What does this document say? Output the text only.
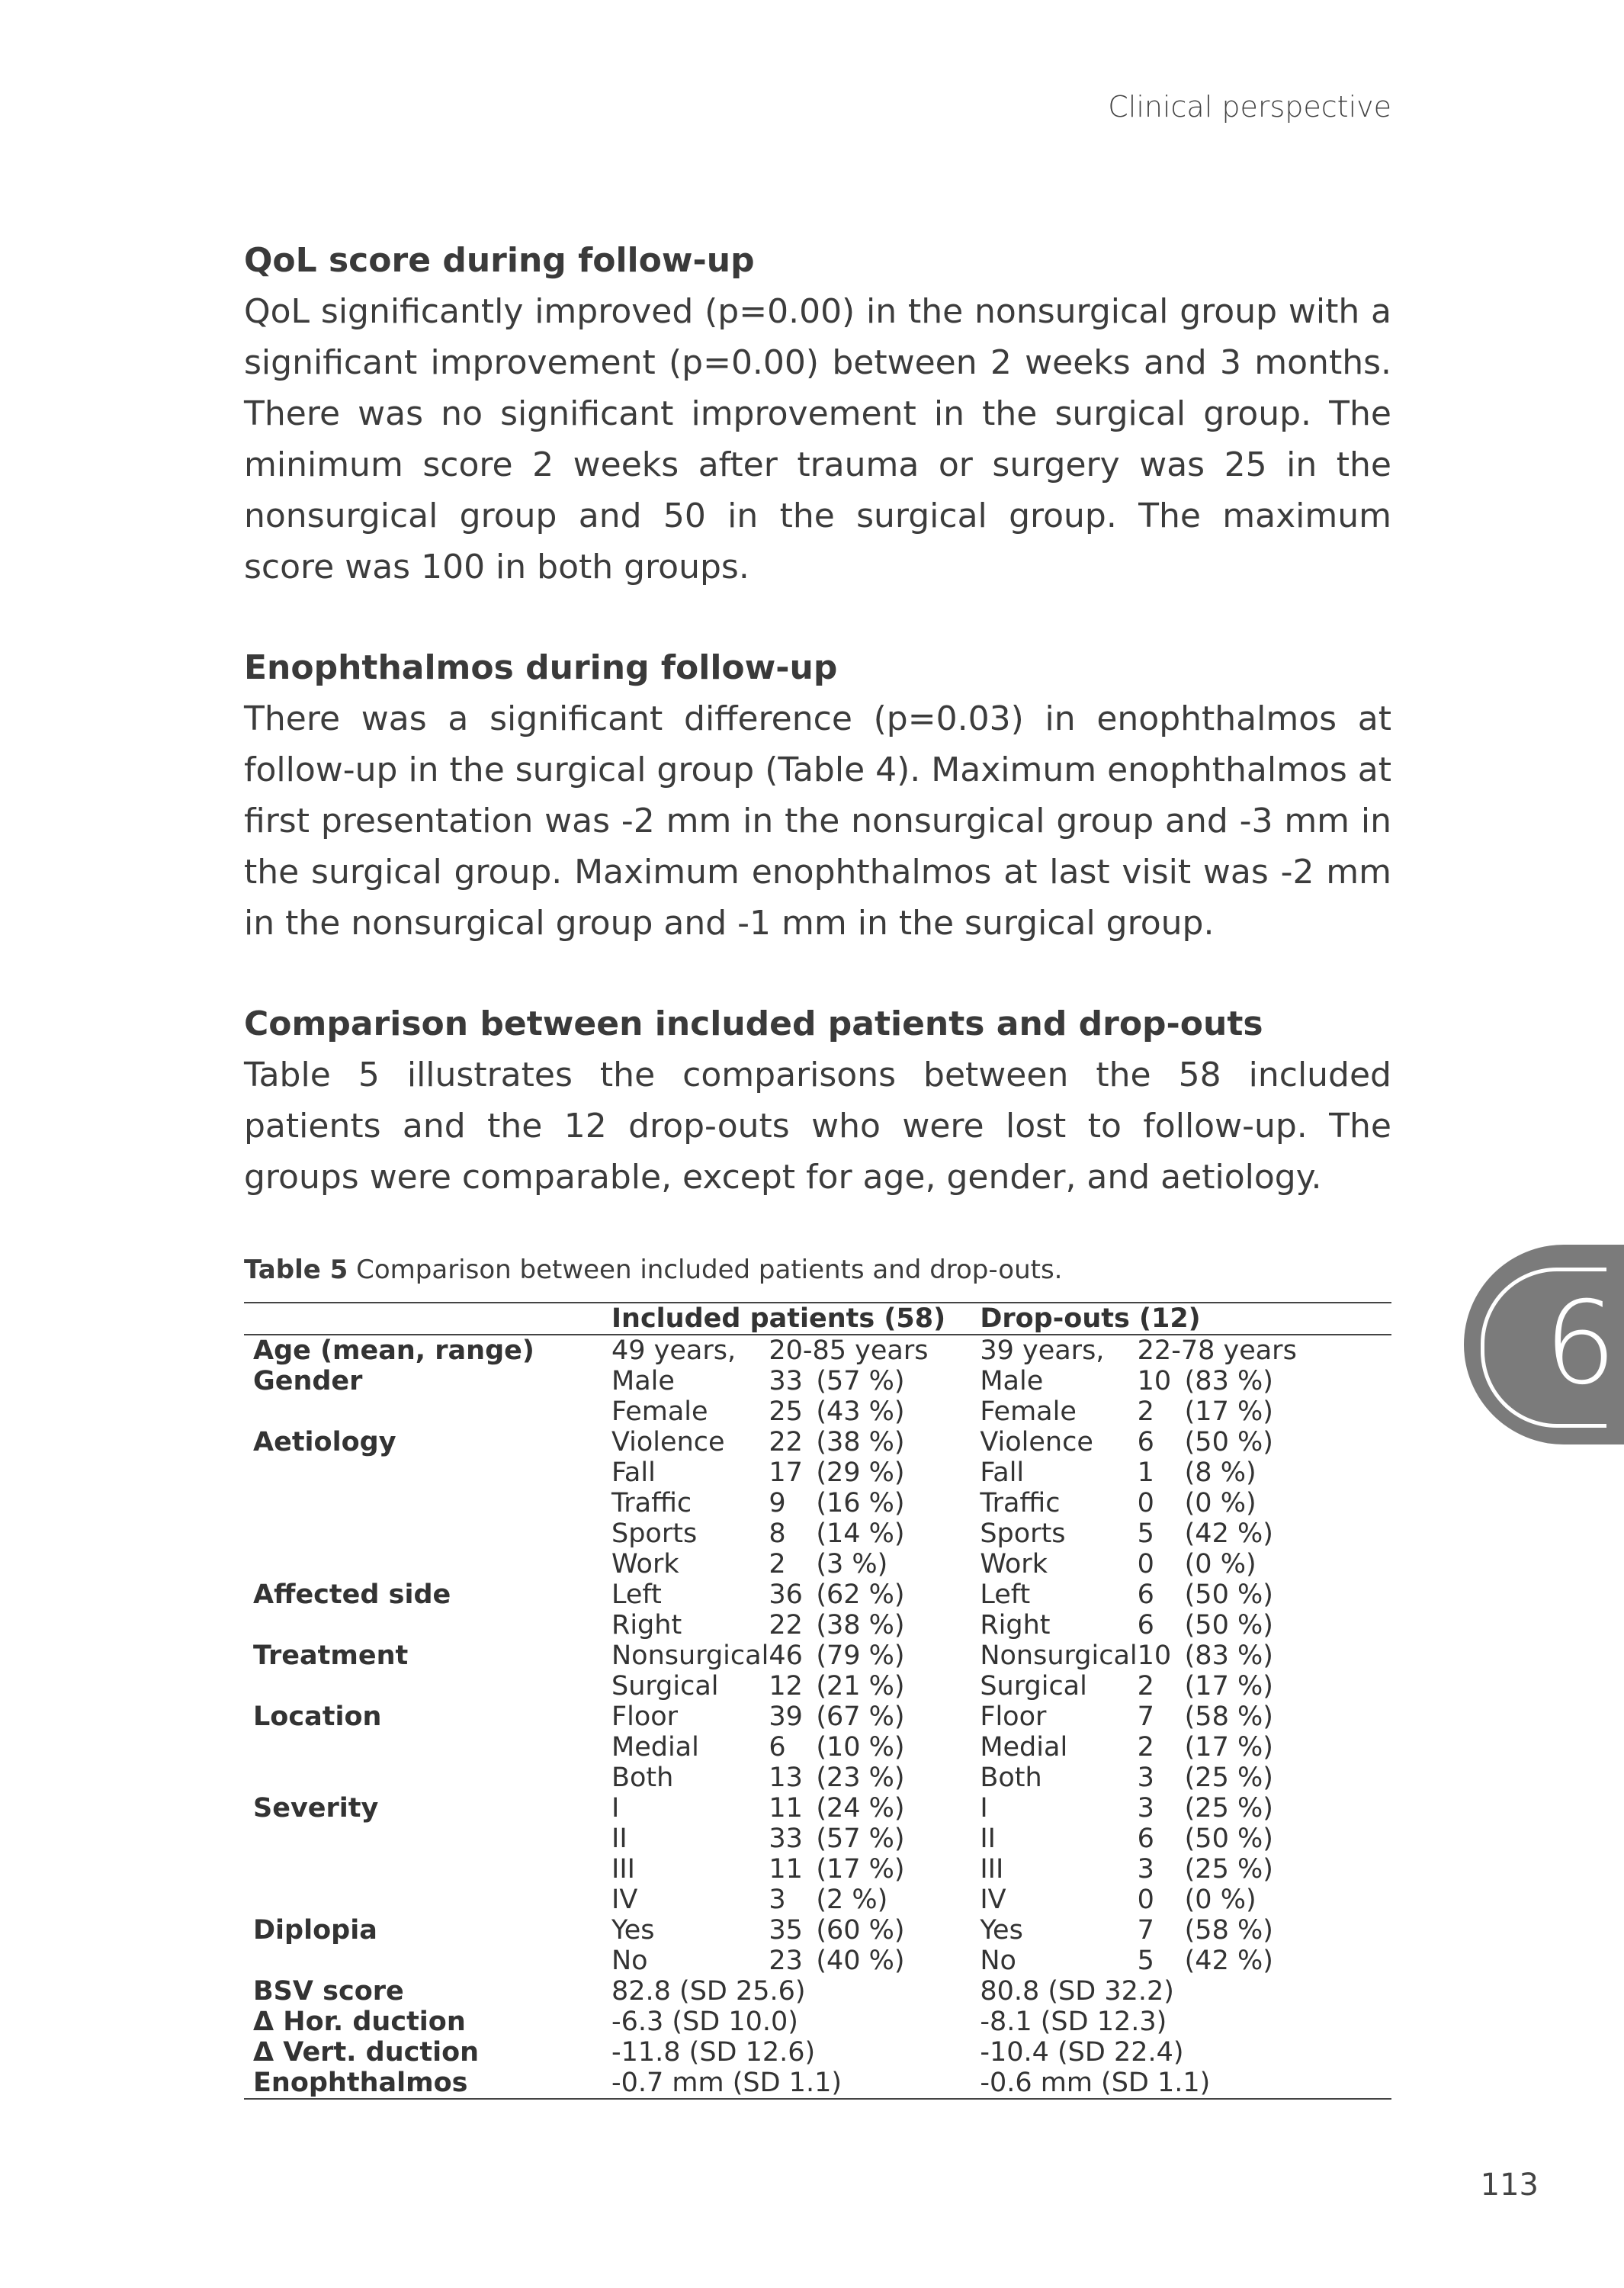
Clinical perspective
QoL score during follow-up

QoL significantly improved (p=0.00) in the nonsurgical group with a significant improvement (p=0.00) between 2 weeks and 3 months. There was no significant improvement in the surgical group. The minimum score 2 weeks after trauma or surgery was 25 in the nonsurgical group and 50 in the surgical group. The maximum score was 100 in both groups.

Enophthalmos during follow-up

There was a significant difference (p=0.03) in enophthalmos at follow-up in the surgical group (Table 4). Maximum enophthalmos at first presentation was -2 mm in the nonsurgical group and -3 mm in the surgical group. Maximum enophthalmos at last visit was -2 mm in the nonsurgical group and -1 mm in the surgical group.

Comparison between included patients and drop-outs

Table 5 illustrates the comparisons between the 58 included patients and the 12 drop-outs who were lost to follow-up. The groups were comparable, except for age, gender, and aetiology.

Table 5 Comparison between included patients and drop-outs.
	Included patients (58)			Drop-outs (12)		
Age (mean, range)	49 years,	20-85 years		39 years,	22-78 years	
Gender	Male	33	(57 %)	Male	10	(83 %)
	Female	25	(43 %)	Female	2	(17 %)
Aetiology	Violence	22	(38 %)	Violence	6	(50 %)
	Fall	17	(29 %)	Fall	1	(8 %)
	Traffic	9	(16 %)	Traffic	0	(0 %)
	Sports	8	(14 %)	Sports	5	(42 %)
	Work	2	(3 %)	Work	0	(0 %)
Affected side	Left	36	(62 %)	Left	6	(50 %)
	Right	22	(38 %)	Right	6	(50 %)
Treatment	Nonsurgical	46	(79 %)	Nonsurgical	10	(83 %)
	Surgical	12	(21 %)	Surgical	2	(17 %)
Location	Floor	39	(67 %)	Floor	7	(58 %)
	Medial	6	(10 %)	Medial	2	(17 %)
	Both	13	(23 %)	Both	3	(25 %)
Severity	I	11	(24 %)	I	3	(25 %)
	II	33	(57 %)	II	6	(50 %)
	III	11	(17 %)	III	3	(25 %)
	IV	3	(2 %)	IV	0	(0 %)
Diplopia	Yes	35	(60 %)	Yes	7	(58 %)
	No	23	(40 %)	No	5	(42 %)
BSV score	82.8 (SD 25.6)			80.8 (SD 32.2)		
Δ Hor. duction	-6.3 (SD 10.0)			-8.1 (SD 12.3)		
Δ Vert. duction	-11.8 (SD 12.6)			-10.4 (SD 22.4)		
Enophthalmos	-0.7 mm (SD 1.1)			-0.6 mm (SD 1.1)		
6
113
